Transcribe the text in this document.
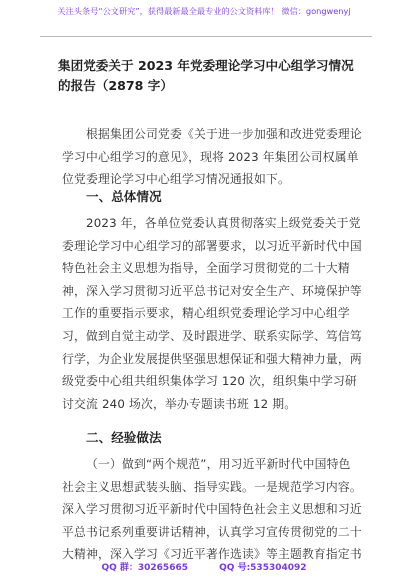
关注头条号“公文研究”，获得最新最全最专业的公文资料库！ 微信：gongwenyj
集团党委关于 2023 年党委理论学习中心组学习情况的报告（2878 字）
根据集团公司党委《关于进一步加强和改进党委理论学习中心组学习的意见》，现将 2023 年集团公司权属单位党委理论学习中心组学习情况通报如下。
一、总体情况
2023 年，各单位党委认真贯彻落实上级党委关于党委理论学习中心组学习的部署要求，以习近平新时代中国特色社会主义思想为指导，全面学习贯彻党的二十大精神，深入学习贯彻习近平总书记对安全生产、环境保护等工作的重要指示要求，精心组织党委理论学习中心组学习，做到自觉主动学、及时跟进学、联系实际学、笃信笃行学，为企业发展提供坚强思想保证和强大精神力量，两级党委中心组共组织集体学习 120 次，组织集中学习研讨交流 240 场次，举办专题读书班 12 期。
二、经验做法
（一）做到“两个规范”，用习近平新时代中国特色社会主义思想武装头脑、指导实践。一是规范学习内容。深入学习贯彻习近平新时代中国特色社会主义思想和习近平总书记系列重要讲话精神，认真学习宣传贯彻党的二十大精神，深入学习《习近平著作选读》等主题教育指定书
QQ 群：30265665	QQ 号:535304092
